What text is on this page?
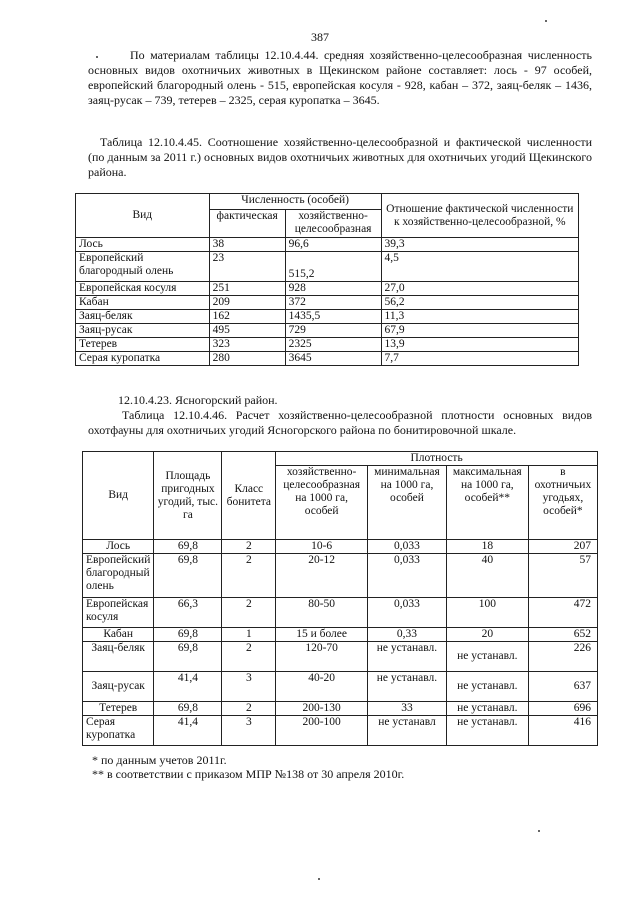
387
По материалам таблицы 12.10.4.44. средняя хозяйственно-целесообразная численность основных видов охотничьих животных в Щекинском районе составляет: лось - 97 особей, европейский благородный олень - 515, европейская косуля - 928, кабан – 372, заяц-беляк – 1436, заяц-русак – 739, тетерев – 2325, серая куропатка – 3645.
Таблица 12.10.4.45. Соотношение хозяйственно-целесообразной и фактической численности (по данным за 2011 г.) основных видов охотничьих животных для охотничьих угодий Щекинского района.
Вид	Численность (особей)		Отношение фактической численности к хозяйственно-целесообразной, %
	фактическая	хозяйственно-целесообразная	
Лось	38	96,6	39,3
Европейский благородный олень	23	515,2	4,5
Европейская косуля	251	928	27,0
Кабан	209	372	56,2
Заяц-беляк	162	1435,5	11,3
Заяц-русак	495	729	67,9
Тетерев	323	2325	13,9
Серая куропатка	280	3645	7,7
12.10.4.23. Ясногорский район.
Таблица 12.10.4.46. Расчет хозяйственно-целесообразной плотности основных видов охотфауны для охотничьих угодий Ясногорского района по бонитировочной шкале.
Вид	Площадь пригодных угодий, тыс. га	Класс бонитета	Плотность			
			хозяйственно-целесообразная на 1000 га, особей	минимальная на 1000 га, особей	максимальная на 1000 га, особей**	в охотничьих угодьях, особей*
Лось	69,8	2	10-6	0,033	18	207
Европейский благородный олень	69,8	2	20-12	0,033	40	57
Европейская косуля	66,3	2	80-50	0,033	100	472
Кабан	69,8	1	15 и более	0,33	20	652
Заяц-беляк	69,8	2	120-70	не устанавл.	не устанавл.	226
Заяц-русак	41,4	3	40-20	не устанавл.	не устанавл.	637
Тетерев	69,8	2	200-130	33	не устанавл.	696
Серая куропатка	41,4	3	200-100	не устанавл	не устанавл.	416
* по данным учетов 2011г.
** в соответствии с приказом МПР №138 от 30 апреля 2010г.
